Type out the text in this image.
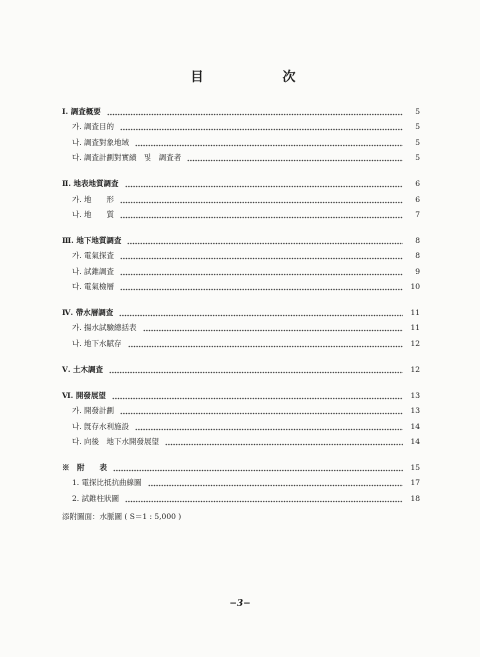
目　　　次
Ⅰ. 調査概要	5
가. 調査目的	5
나. 調査對象地域	5
다. 調査計劃對實績　및　調査者	5
Ⅱ. 地表地質調査	6
가. 地　　形	6
나. 地　　質	7
Ⅲ. 地下地質調査	8
가. 電氣探査	8
나. 試錐調査	9
다. 電氣檢層	10
Ⅳ. 帶水層調査	11
가. 揚水試驗總括表	11
나. 地下水賦存	12
Ⅴ. 土木調査	12
Ⅵ. 開發展望	13
가. 開發計劃	13
나. 旣存水利施設	14
다. 向後　地下水開發展望	14
※　附　　表	15
1. 電探比抵抗曲線圖	17
2. 試錐柱狀圖	18
添附圖面：水脈圖 ( S＝1 : 5,000 )
−3−
